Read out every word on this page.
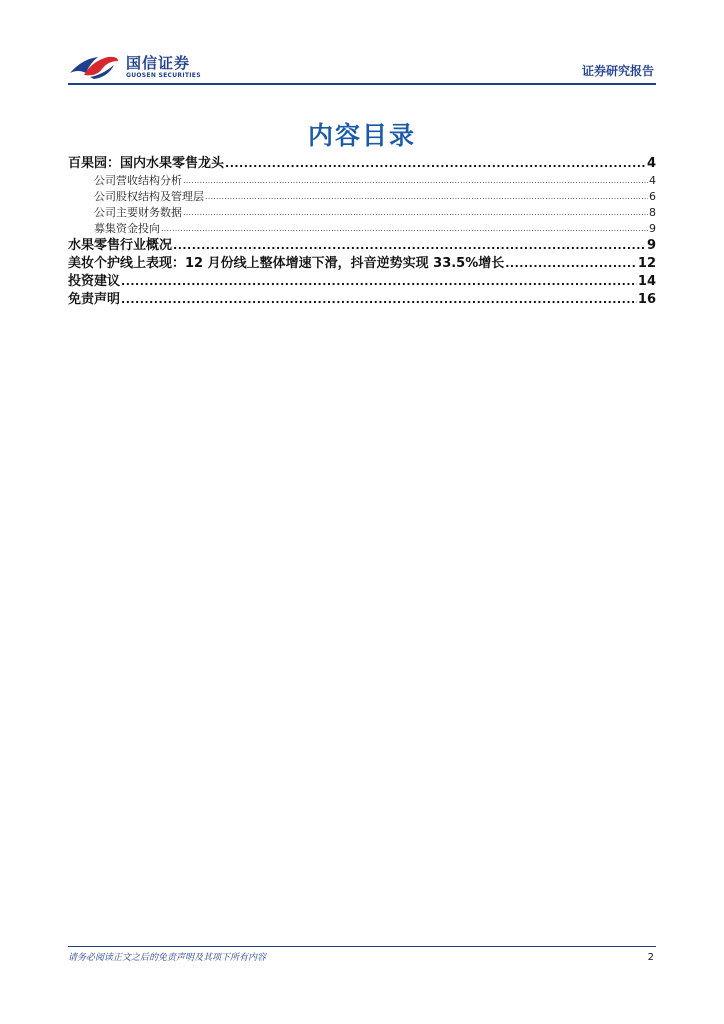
国信证券
GUOSEN SECURITIES	证券研究报告
内容目录
百果园：国内水果零售龙头 .....	4
公司营收结构分析 .....	4
公司股权结构及管理层 .....	6
公司主要财务数据 .....	8
募集资金投向 .....	9
水果零售行业概况 .....	9
美妆个护线上表现：12 月份线上整体增速下滑，抖音逆势实现 33.5%增长 .....	12
投资建议 .....	14
免责声明 .....	16
请务必阅读正文之后的免责声明及其项下所有内容	2
